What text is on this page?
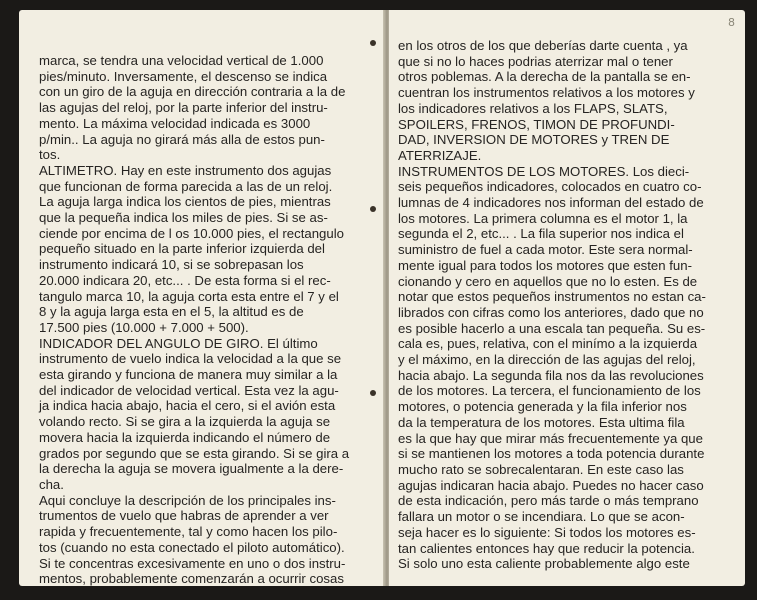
marca, se tendra una velocidad vertical de 1.000
pies/minuto. Inversamente, el descenso se indica
con un giro de la aguja en dirección contraria a la de
las agujas del reloj, por la parte inferior del instru-
mento. La máxima velocidad indicada es 3000
p/min.. La aguja no girará más alla de estos pun-
tos.
ALTIMETRO. Hay en este instrumento dos agujas
que funcionan de forma parecida a las de un reloj.
La aguja larga indica los cientos de pies, mientras
que la pequeña indica los miles de pies. Si se as-
ciende por encima de l os 10.000 pies, el rectangulo
pequeño situado en la parte inferior izquierda del
instrumento indicará 10, si se sobrepasan los
20.000 indicara 20, etc... . De esta forma si el rec-
tangulo marca 10, la aguja corta esta entre el 7 y el
8 y la aguja larga esta en el 5, la altitud es de
17.500 pies (10.000 + 7.000 + 500).
INDICADOR DEL ANGULO DE GIRO. El último
instrumento de vuelo indica la velocidad a la que se
esta girando y funciona de manera muy similar a la
del indicador de velocidad vertical. Esta vez la agu-
ja indica hacia abajo, hacia el cero, si el avión esta
volando recto. Si se gira a la izquierda la aguja se
movera hacia la izquierda indicando el número de
grados por segundo que se esta girando. Si se gira a
la derecha la aguja se movera igualmente a la dere-
cha.
Aqui concluye la descripción de los principales ins-
trumentos de vuelo que habras de aprender a ver
rapida y frecuentemente, tal y como hacen los pilo-
tos (cuando no esta conectado el piloto automático).
Si te concentras excesivamente en uno o dos instru-
mentos, probablemente comenzarán a ocurrir cosas
8
en los otros de los que deberías darte cuenta , ya
que si no lo haces podrias aterrizar mal o tener
otros poblemas. A la derecha de la pantalla se en-
cuentran los instrumentos relativos a los motores y
los indicadores relativos a los FLAPS, SLATS,
SPOILERS, FRENOS, TIMON DE PROFUNDI-
DAD, INVERSION DE MOTORES y TREN DE
ATERRIZAJE.
INSTRUMENTOS DE LOS MOTORES. Los dieci-
seis pequeños indicadores, colocados en cuatro co-
lumnas de 4 indicadores nos informan del estado de
los motores. La primera columna es el motor 1, la
segunda el 2, etc... . La fila superior nos indica el
suministro de fuel a cada motor. Este sera normal-
mente igual para todos los motores que esten fun-
cionando y cero en aquellos que no lo esten. Es de
notar que estos pequeños instrumentos no estan ca-
librados con cifras como los anteriores, dado que no
es posible hacerlo a una escala tan pequeña. Su es-
cala es, pues, relativa, con el minímo a la izquierda
y el máximo, en la dirección de las agujas del reloj,
hacia abajo. La segunda fila nos da las revoluciones
de los motores. La tercera, el funcionamiento de los
motores, o potencia generada y la fila inferior nos
da la temperatura de los motores. Esta ultima fila
es la que hay que mirar más frecuentemente ya que
si se mantienen los motores a toda potencia durante
mucho rato se sobrecalentaran. En este caso las
agujas indicaran hacia abajo. Puedes no hacer caso
de esta indicación, pero más tarde o más temprano
fallara un motor o se incendiara. Lo que se acon-
seja hacer es lo siguiente: Si todos los motores es-
tan calientes entonces hay que reducir la potencia.
Si solo uno esta caliente probablemente algo este
